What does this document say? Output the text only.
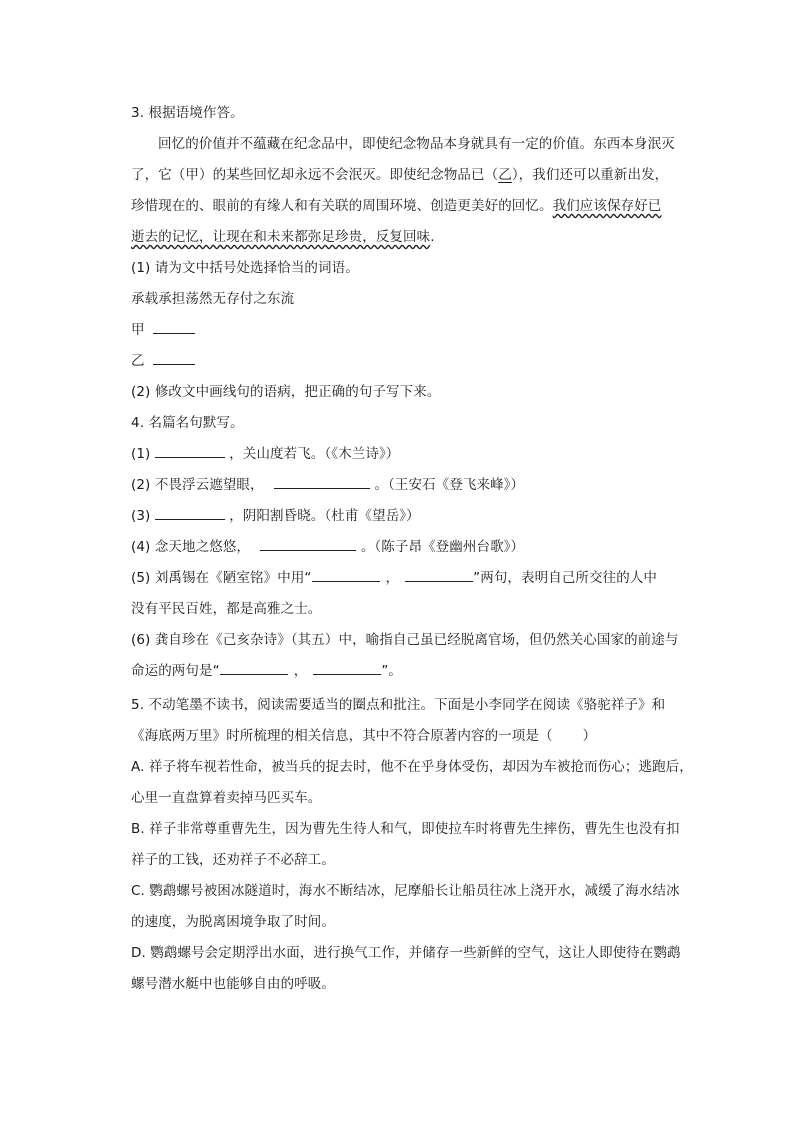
3. 根据语境作答。
回忆的价值并不蕴藏在纪念品中，即使纪念物品本身就具有一定的价值。东西本身泯灭
了，它（甲）的某些回忆却永远不会泯灭。即使纪念物品已（乙），我们还可以重新出发，
珍惜现在的、眼前的有缘人和有关联的周围环境、创造更美好的回忆。我们应该保存好已
逝去的记忆，让现在和未来都弥足珍贵，反复回味.
(1) 请为文中括号处选择恰当的词语。
承载承担荡然无存付之东流
甲
乙
(2) 修改文中画线句的语病，把正确的句子写下来。
4. 名篇名句默写。
(1)	，关山度若飞。（《木兰诗》）
(2) 不畏浮云遮望眼，	。（王安石《登飞来峰》）
(3)	，阴阳割昏晓。（杜甫《望岳》）
(4) 念天地之悠悠，	。（陈子昂《登幽州台歌》）
(5) 刘禹锡在《陋室铭》中用“	，	”两句，表明自己所交往的人中
没有平民百姓，都是高雅之士。
(6) 龚自珍在《己亥杂诗》（其五）中，喻指自己虽已经脱离官场，但仍然关心国家的前途与
命运的两句是“	，	”。
5. 不动笔墨不读书，阅读需要适当的圈点和批注。下面是小李同学在阅读《骆驼祥子》和
《海底两万里》时所梳理的相关信息，其中不符合原著内容的一项是（ ）
A. 祥子将车视若性命，被当兵的捉去时，他不在乎身体受伤，却因为车被抢而伤心；逃跑后，
心里一直盘算着卖掉马匹买车。
B. 祥子非常尊重曹先生，因为曹先生待人和气，即使拉车时将曹先生摔伤，曹先生也没有扣
祥子的工钱，还劝祥子不必辞工。
C. 鹦鹉螺号被困冰隧道时，海水不断结冰，尼摩船长让船员往冰上浇开水，减缓了海水结冰
的速度，为脱离困境争取了时间。
D. 鹦鹉螺号会定期浮出水面，进行换气工作，并储存一些新鲜的空气，这让人即使待在鹦鹉
螺号潜水艇中也能够自由的呼吸。
